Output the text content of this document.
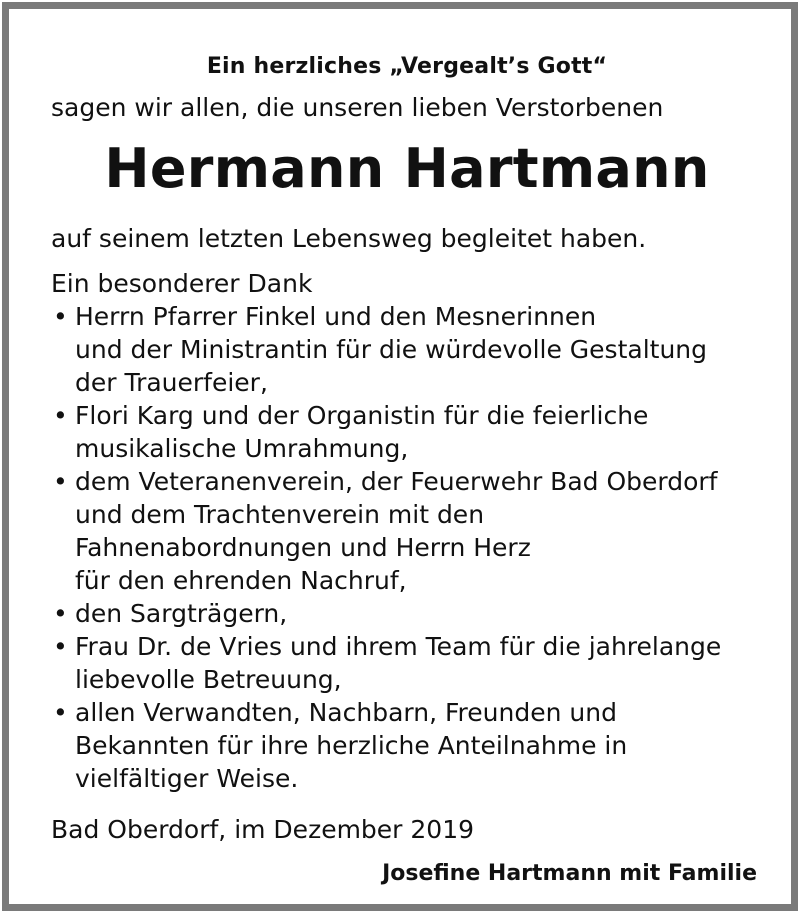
Ein herzliches „Vergealt’s Gott“
sagen wir allen, die unseren lieben Verstorbenen
Hermann Hartmann
auf seinem letzten Lebensweg begleitet haben.
Ein besonderer Dank
• Herrn Pfarrer Finkel und den Mesnerinnen
und der Ministrantin für die würdevolle Gestaltung
der Trauerfeier,
• Flori Karg und der Organistin für die feierliche
musikalische Umrahmung,
• dem Veteranenverein, der Feuerwehr Bad Oberdorf
und dem Trachtenverein mit den
Fahnenabordnungen und Herrn Herz
für den ehrenden Nachruf,
• den Sargträgern,
• Frau Dr. de Vries und ihrem Team für die jahrelange
liebevolle Betreuung,
• allen Verwandten, Nachbarn, Freunden und
Bekannten für ihre herzliche Anteilnahme in
vielfältiger Weise.
Bad Oberdorf, im Dezember 2019
Josefine Hartmann mit Familie
